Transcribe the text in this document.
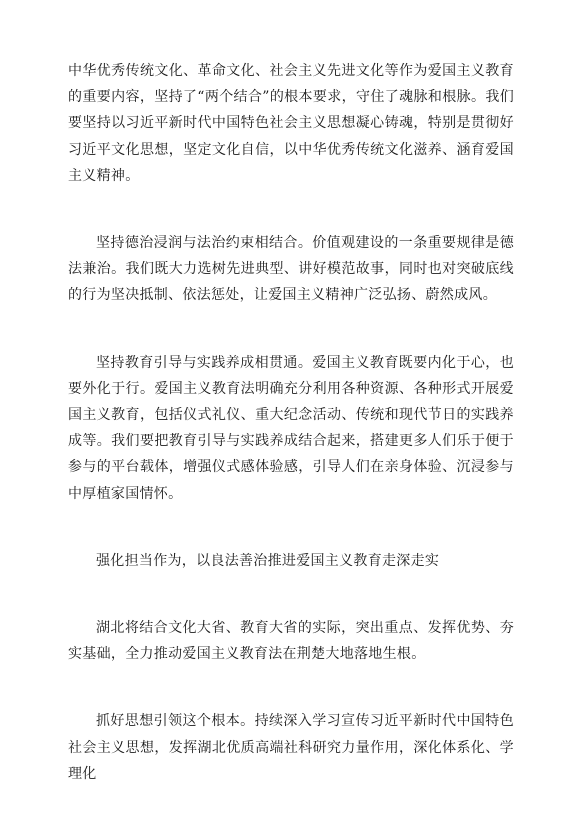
中华优秀传统文化、革命文化、社会主义先进文化等作为爱国主义教育的重要内容，坚持了“两个结合”的根本要求，守住了魂脉和根脉。我们要坚持以习近平新时代中国特色社会主义思想凝心铸魂，特别是贯彻好习近平文化思想，坚定文化自信，以中华优秀传统文化滋养、涵育爱国主义精神。

坚持德治浸润与法治约束相结合。价值观建设的一条重要规律是德法兼治。我们既大力选树先进典型、讲好模范故事，同时也对突破底线的行为坚决抵制、依法惩处，让爱国主义精神广泛弘扬、蔚然成风。

坚持教育引导与实践养成相贯通。爱国主义教育既要内化于心，也要外化于行。爱国主义教育法明确充分利用各种资源、各种形式开展爱国主义教育，包括仪式礼仪、重大纪念活动、传统和现代节日的实践养成等。我们要把教育引导与实践养成结合起来，搭建更多人们乐于便于参与的平台载体，增强仪式感体验感，引导人们在亲身体验、沉浸参与中厚植家国情怀。

强化担当作为，以良法善治推进爱国主义教育走深走实

湖北将结合文化大省、教育大省的实际，突出重点、发挥优势、夯实基础，全力推动爱国主义教育法在荆楚大地落地生根。

抓好思想引领这个根本。持续深入学习宣传习近平新时代中国特色社会主义思想，发挥湖北优质高端社科研究力量作用，深化体系化、学理化
